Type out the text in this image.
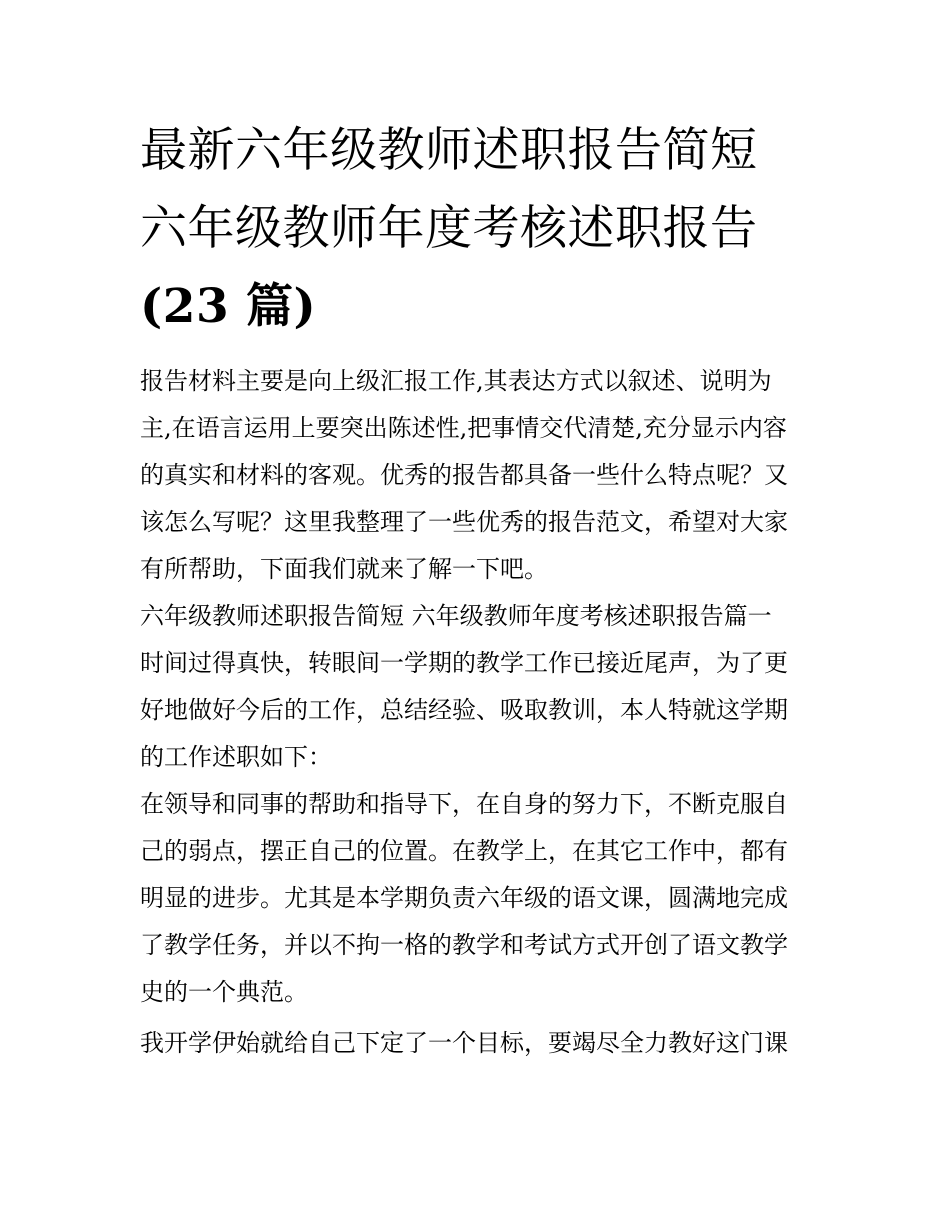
最新六年级教师述职报告简短
六年级教师年度考核述职报告
(23 篇)

报告材料主要是向上级汇报工作,其表达方式以叙述、说明为
主,在语言运用上要突出陈述性,把事情交代清楚,充分显示内容
的真实和材料的客观。优秀的报告都具备一些什么特点呢？又
该怎么写呢？这里我整理了一些优秀的报告范文，希望对大家
有所帮助，下面我们就来了解一下吧。

六年级教师述职报告简短 六年级教师年度考核述职报告篇一

时间过得真快，转眼间一学期的教学工作已接近尾声，为了更
好地做好今后的工作，总结经验、吸取教训，本人特就这学期
的工作述职如下：

在领导和同事的帮助和指导下，在自身的努力下，不断克服自
己的弱点，摆正自己的位置。在教学上，在其它工作中，都有
明显的进步。尤其是本学期负责六年级的语文课，圆满地完成
了教学任务，并以不拘一格的教学和考试方式开创了语文教学
史的一个典范。

我开学伊始就给自己下定了一个目标，要竭尽全力教好这门课
